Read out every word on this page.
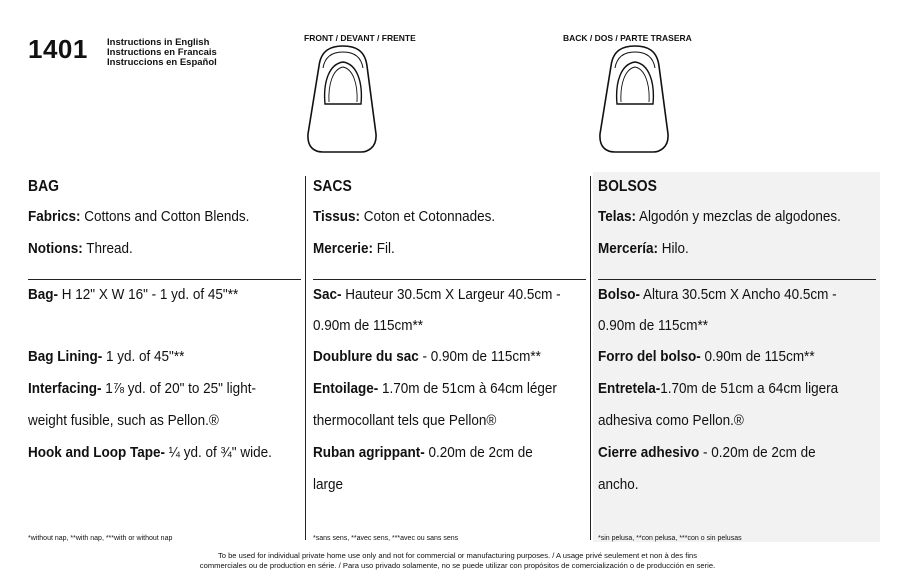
1401 Instructions in English
Instructions en Francais
Instruccions en Español
FRONT / DEVANT / FRENTE	BACK / DOS / PARTE TRASERA
BAG
Fabrics: Cottons and Cotton Blends.
Notions: Thread.
Bag- H 12" X W 16" - 1 yd. of 45"**
Bag Lining- 1 yd. of 45"**
Interfacing- 1⅞ yd. of 20" to 25" light-
weight fusible, such as Pellon.®
Hook and Loop Tape- ¼ yd. of ¾" wide.
*without nap, **with nap, ***with or without nap
SACS
Tissus: Coton et Cotonnades.
Mercerie: Fil.
Sac- Hauteur 30.5cm X Largeur 40.5cm -
0.90m de 115cm**
Doublure du sac - 0.90m de 115cm**
Entoilage- 1.70m de 51cm à 64cm léger
thermocollant tels que Pellon®
Ruban agrippant- 0.20m de 2cm de
large
*sans sens, **avec sens, ***avec ou sans sens
BOLSOS
Telas: Algodón y mezclas de algodones.
Mercería: Hilo.
Bolso- Altura 30.5cm X Ancho 40.5cm -
0.90m de 115cm**
Forro del bolso- 0.90m de 115cm**
Entretela-1.70m de 51cm a 64cm ligera
adhesiva como Pellon.®
Cierre adhesivo - 0.20m de 2cm de
ancho.
*sin pelusa, **con pelusa, ***con o sin pelusas
To be used for individual private home use only and not for commercial or manufacturing purposes. / A usage privé seulement et non à des fins
commerciales ou de production en série. / Para uso privado solamente, no se puede utilizar con propósitos de comercialización o de producción en serie.
